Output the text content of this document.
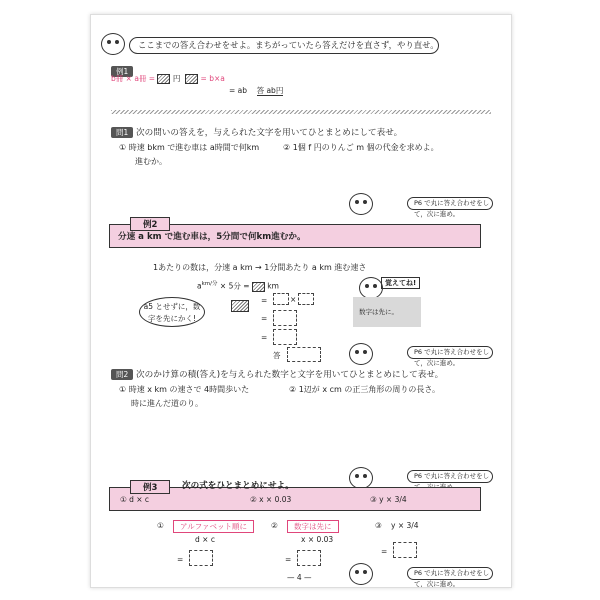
ここまでの答え合わせをせよ。まちがっていたら答えだけを直さず，やり直せ。
例1
b冊 × a冊 = 円	= b×a
= ab 答 ab円
問1 次の問いの答えを，与えられた文字を用いてひとまとめにして表せ。
① 時速 bkm で進む車は a時間で何km
進むか。
② 1個 f 円のりんご m 個の代金を求めよ。
P6 で丸に答え合わせをして，次に進め。
例2
分速 a km で進む車は，5分間で何km進むか。
1あたりの数は，分速 a km → 1分間あたり a km 進む速さ
$a^{km/分} \times 5$分 = km
=	×
=
=
答
a5 とせずに，数字を先にかく!
覚えてね!
数字は先に。
P6 で丸に答え合わせをして，次に進め。
問2 次のかけ算の積(答え)を与えられた数字と文字を用いてひとまとめにして表せ。
① 時速 x km の速さで 4時間歩いた
時に進んだ道のり。
② 1辺が x cm の正三角形の周りの長さ。
P6 で丸に答え合わせをし
例3	次の式をひとまとめにせよ。
① d × c	② x × 0.03	③ y × 3/4
①	アルファベット順に	②	数字は先に	③ y × 3/4
d × c	x × 0.03
=	=
=
P6 で丸に答え合わせをして，次に進め。
— 4 —
